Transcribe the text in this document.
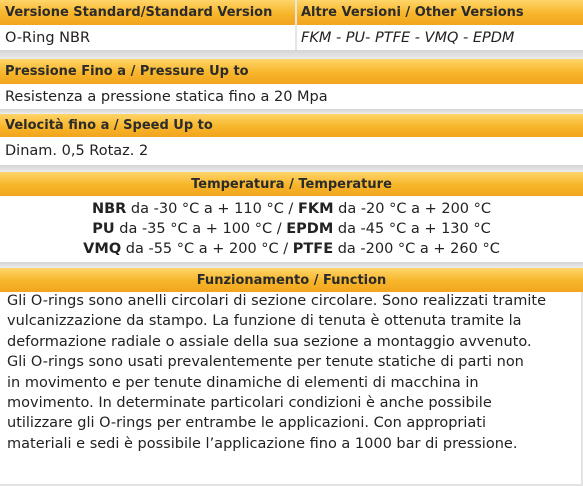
Versione Standard/Standard Version Altre Versioni / Other Versions
O-Ring NBR	FKM - PU- PTFE - VMQ - EPDM
Pressione Fino a / Pressure Up to
Resistenza a pressione statica fino a 20 Mpa
Velocità fino a / Speed Up to
Dinam. 0,5 Rotaz. 2
Temperatura / Temperature
NBR da -30 °C a + 110 °C / FKM da -20 °C a + 200 °C
PU da -35 °C a + 100 °C / EPDM da -45 °C a + 130 °C
VMQ da -55 °C a + 200 °C / PTFE da -200 °C a + 260 °C
Funzionamento / Function
Gli O-rings sono anelli circolari di sezione circolare. Sono realizzati tramite
vulcanizzazione da stampo. La funzione di tenuta è ottenuta tramite la
deformazione radiale o assiale della sua sezione a montaggio avvenuto.
Gli O-rings sono usati prevalentemente per tenute statiche di parti non
in movimento e per tenute dinamiche di elementi di macchina in
movimento. In determinate particolari condizioni è anche possibile
utilizzare gli O-rings per entrambe le applicazioni. Con appropriati
materiali e sedi è possibile l’applicazione fino a 1000 bar di pressione.
